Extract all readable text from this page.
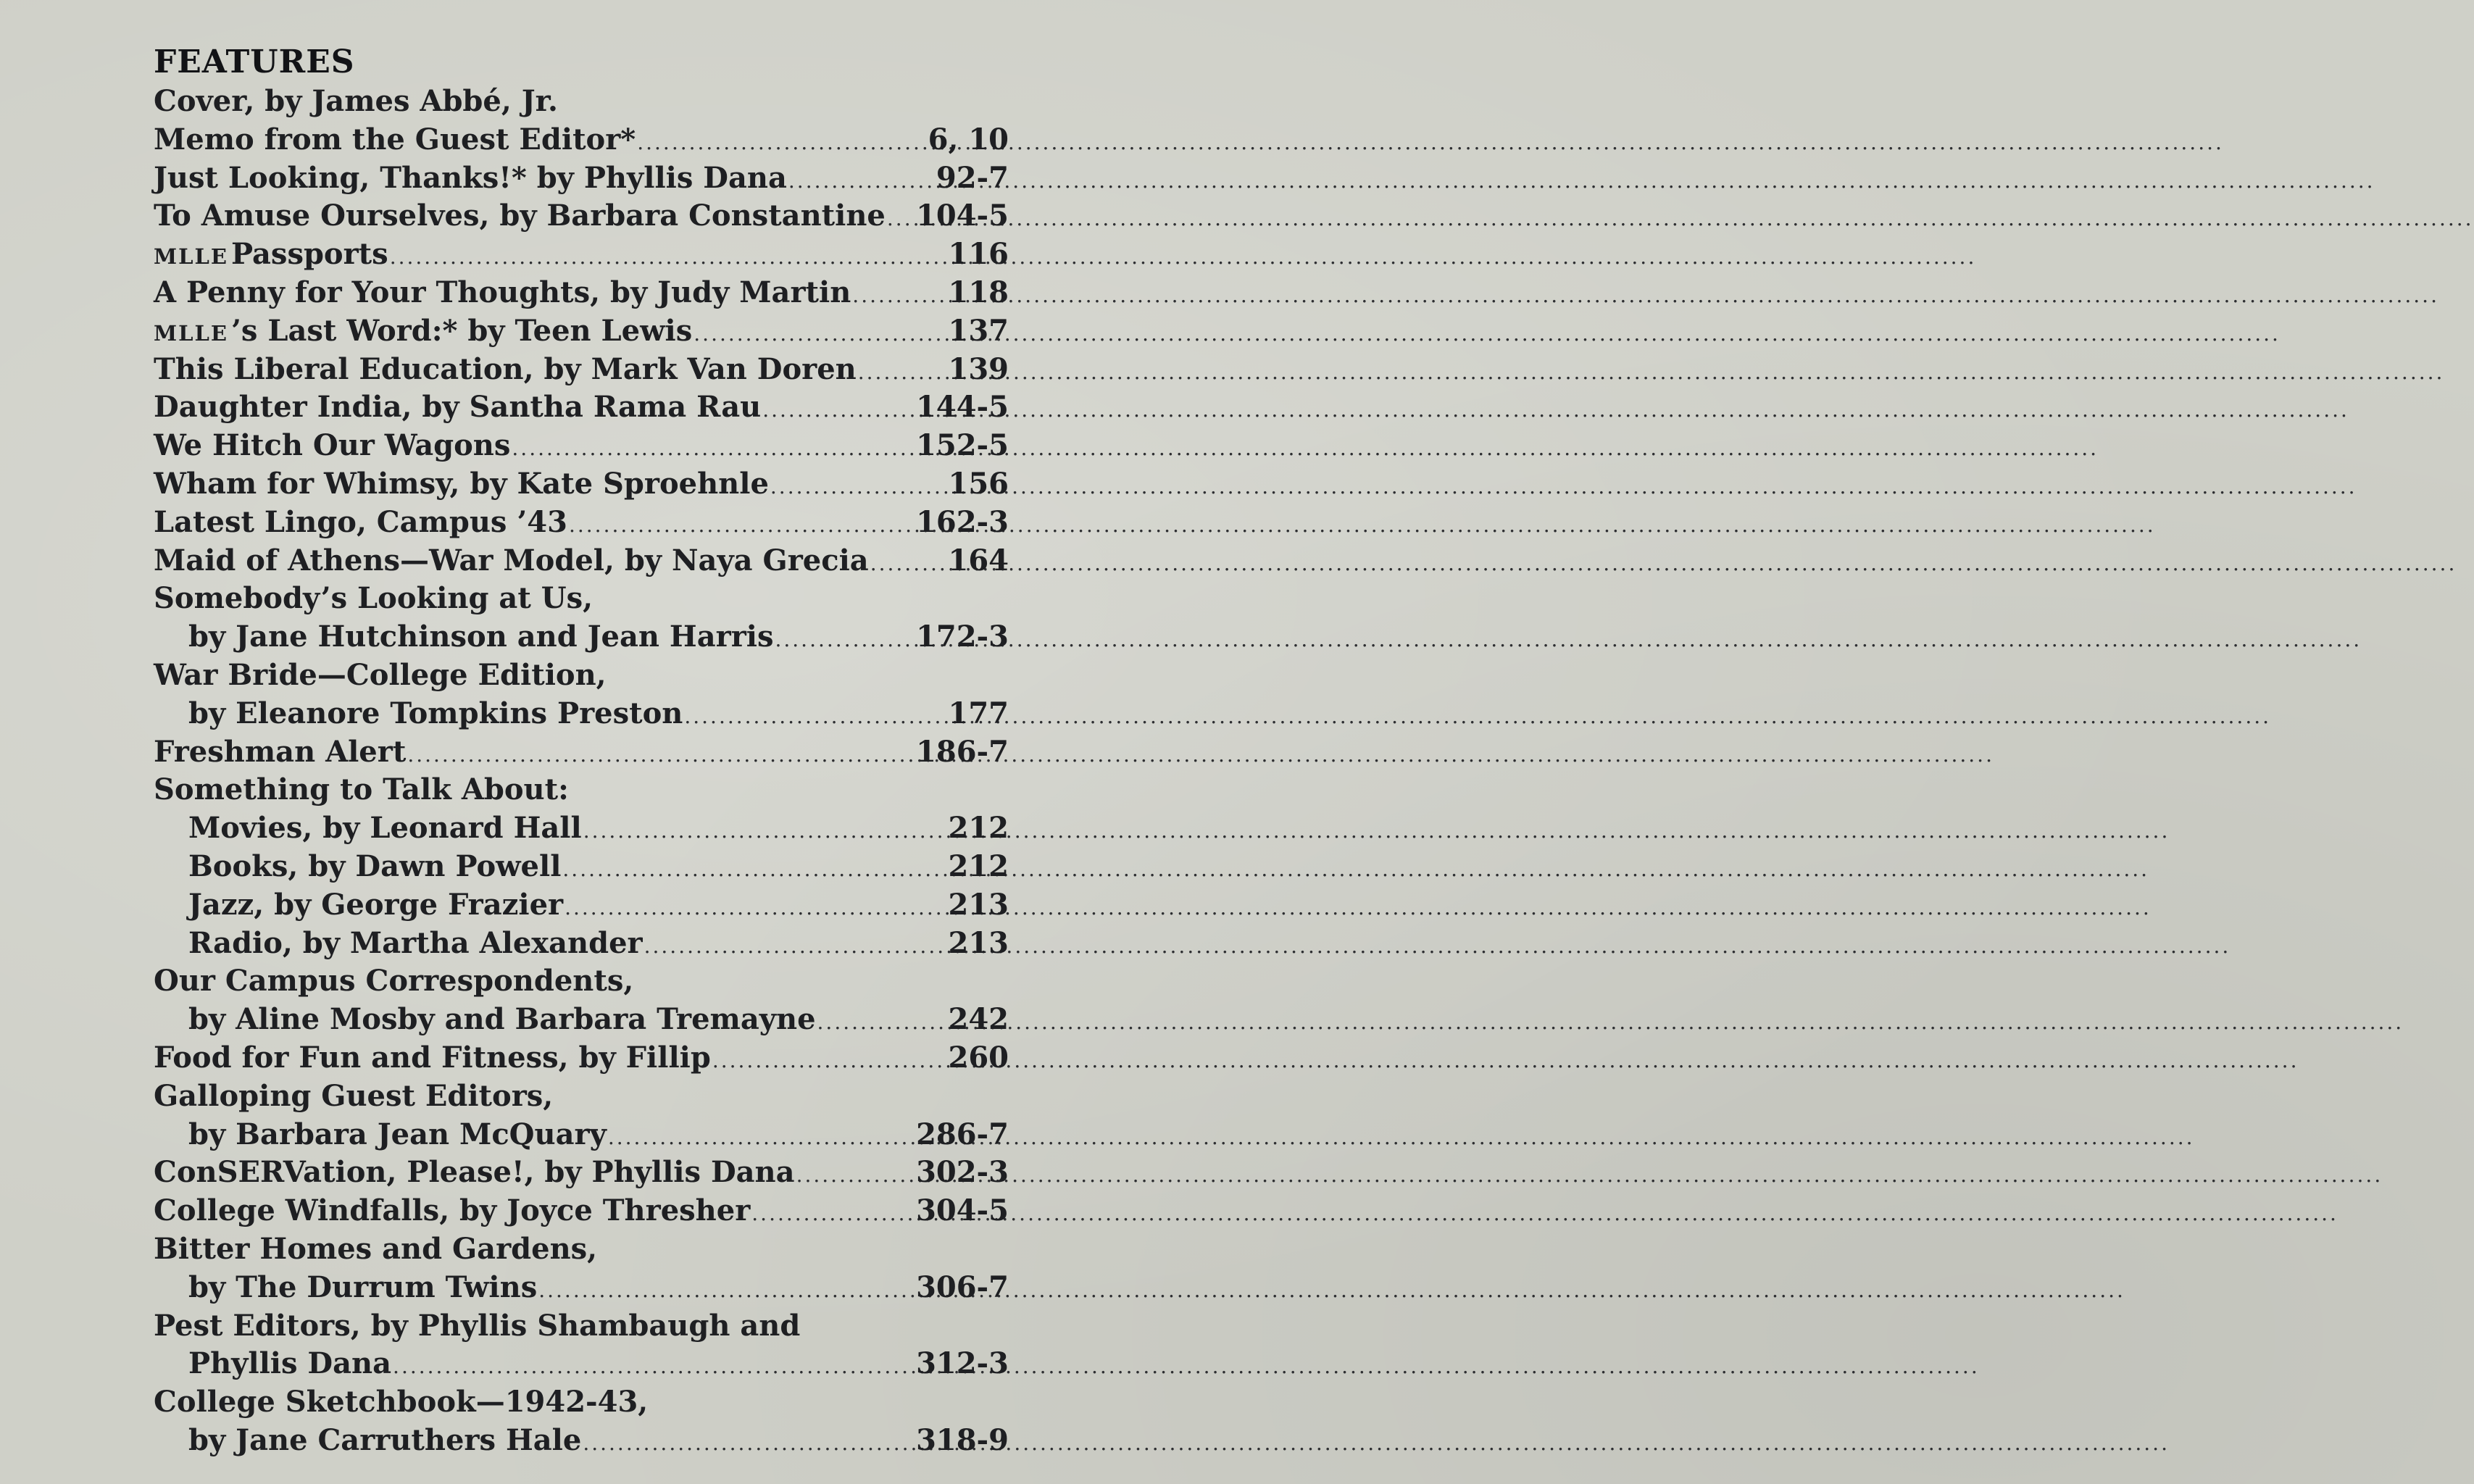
FEATURES
Cover, by James Abbé, Jr.
Memo from the Guest Editor* .....	6, 10
Just Looking, Thanks!* by Phyllis Dana .....	92-7
To Amuse Ourselves, by Barbara Constantine ..... 104-5
MLLE Passports .....	116
A Penny for Your Thoughts, by Judy Martin .....	118
MLLE ’s Last Word:* by Teen Lewis .....	137
This Liberal Education, by Mark Van Doren .....	139
Daughter India, by Santha Rama Rau .....	144-5
We Hitch Our Wagons .....	152-5
Wham for Whimsy, by Kate Sproehnle .....	156
Latest Lingo, Campus ’43 .....	162-3
Maid of Athens—War Model, by Naya Grecia .....	164
Somebody’s Looking at Us,
by Jane Hutchinson and Jean Harris .....	172-3
War Bride—College Edition,
by Eleanore Tompkins Preston .....	177
Freshman Alert .....	186-7
Something to Talk About:
Movies, by Leonard Hall .....	212
Books, by Dawn Powell .....	212
Jazz, by George Frazier .....	213
Radio, by Martha Alexander .....	213
Our Campus Correspondents,
by Aline Mosby and Barbara Tremayne .....	242
Food for Fun and Fitness, by Fillip .....	260
Galloping Guest Editors,
by Barbara Jean McQuary .....	286-7
ConSERVation, Please!, by Phyllis Dana .....	302-3
College Windfalls, by Joyce Thresher .....	304-5
Bitter Homes and Gardens,
by The Durrum Twins .....	306-7
Pest Editors, by Phyllis Shambaugh and
Phyllis Dana .....	312-3
College Sketchbook—1942-43,
by Jane Carruthers Hale .....	318-9
